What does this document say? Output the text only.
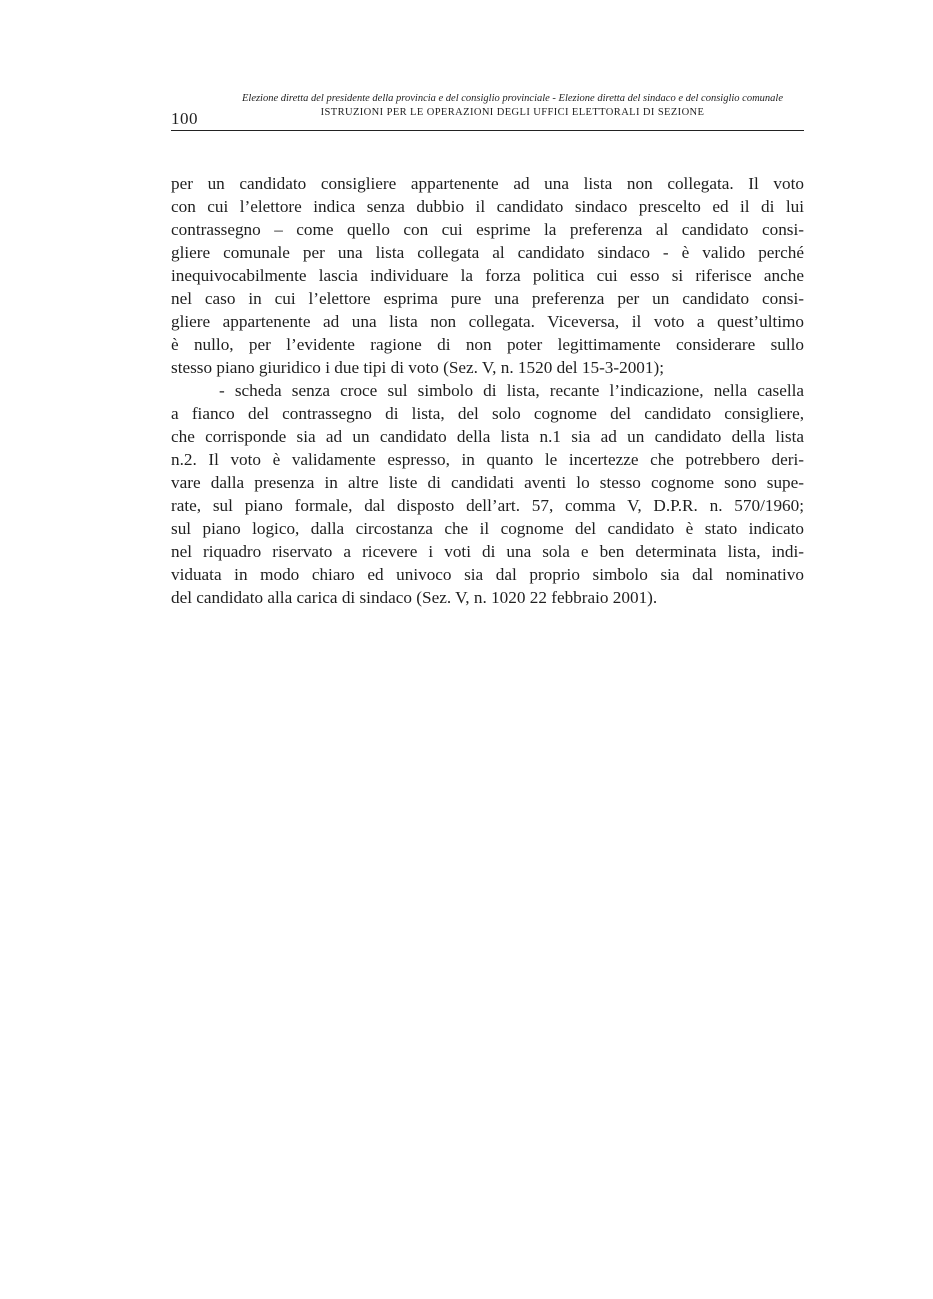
100
Elezione diretta del presidente della provincia e del consiglio provinciale - Elezione diretta del sindaco e del consiglio comunale
ISTRUZIONI PER LE OPERAZIONI DEGLI UFFICI ELETTORALI DI SEZIONE
per un candidato consigliere appartenente ad una lista non collegata. Il voto
con cui l’elettore indica senza dubbio il candidato sindaco prescelto ed il di lui
contrassegno – come quello con cui esprime la preferenza al candidato consi-
gliere comunale per una lista collegata al candidato sindaco - è valido perché
inequivocabilmente lascia individuare la forza politica cui esso si riferisce anche
nel caso in cui l’elettore esprima pure una preferenza per un candidato consi-
gliere appartenente ad una lista non collegata. Viceversa, il voto a quest’ultimo
è nullo, per l’evidente ragione di non poter legittimamente considerare sullo
stesso piano giuridico i due tipi di voto (Sez. V, n. 1520 del 15-3-2001);
- scheda senza croce sul simbolo di lista, recante l’indicazione, nella casella
a fianco del contrassegno di lista, del solo cognome del candidato consigliere,
che corrisponde sia ad un candidato della lista n.1 sia ad un candidato della lista
n.2. Il voto è validamente espresso, in quanto le incertezze che potrebbero deri-
vare dalla presenza in altre liste di candidati aventi lo stesso cognome sono supe-
rate, sul piano formale, dal disposto dell’art. 57, comma V, D.P.R. n. 570/1960;
sul piano logico, dalla circostanza che il cognome del candidato è stato indicato
nel riquadro riservato a ricevere i voti di una sola e ben determinata lista, indi-
viduata in modo chiaro ed univoco sia dal proprio simbolo sia dal nominativo
del candidato alla carica di sindaco (Sez. V, n. 1020 22 febbraio 2001).
